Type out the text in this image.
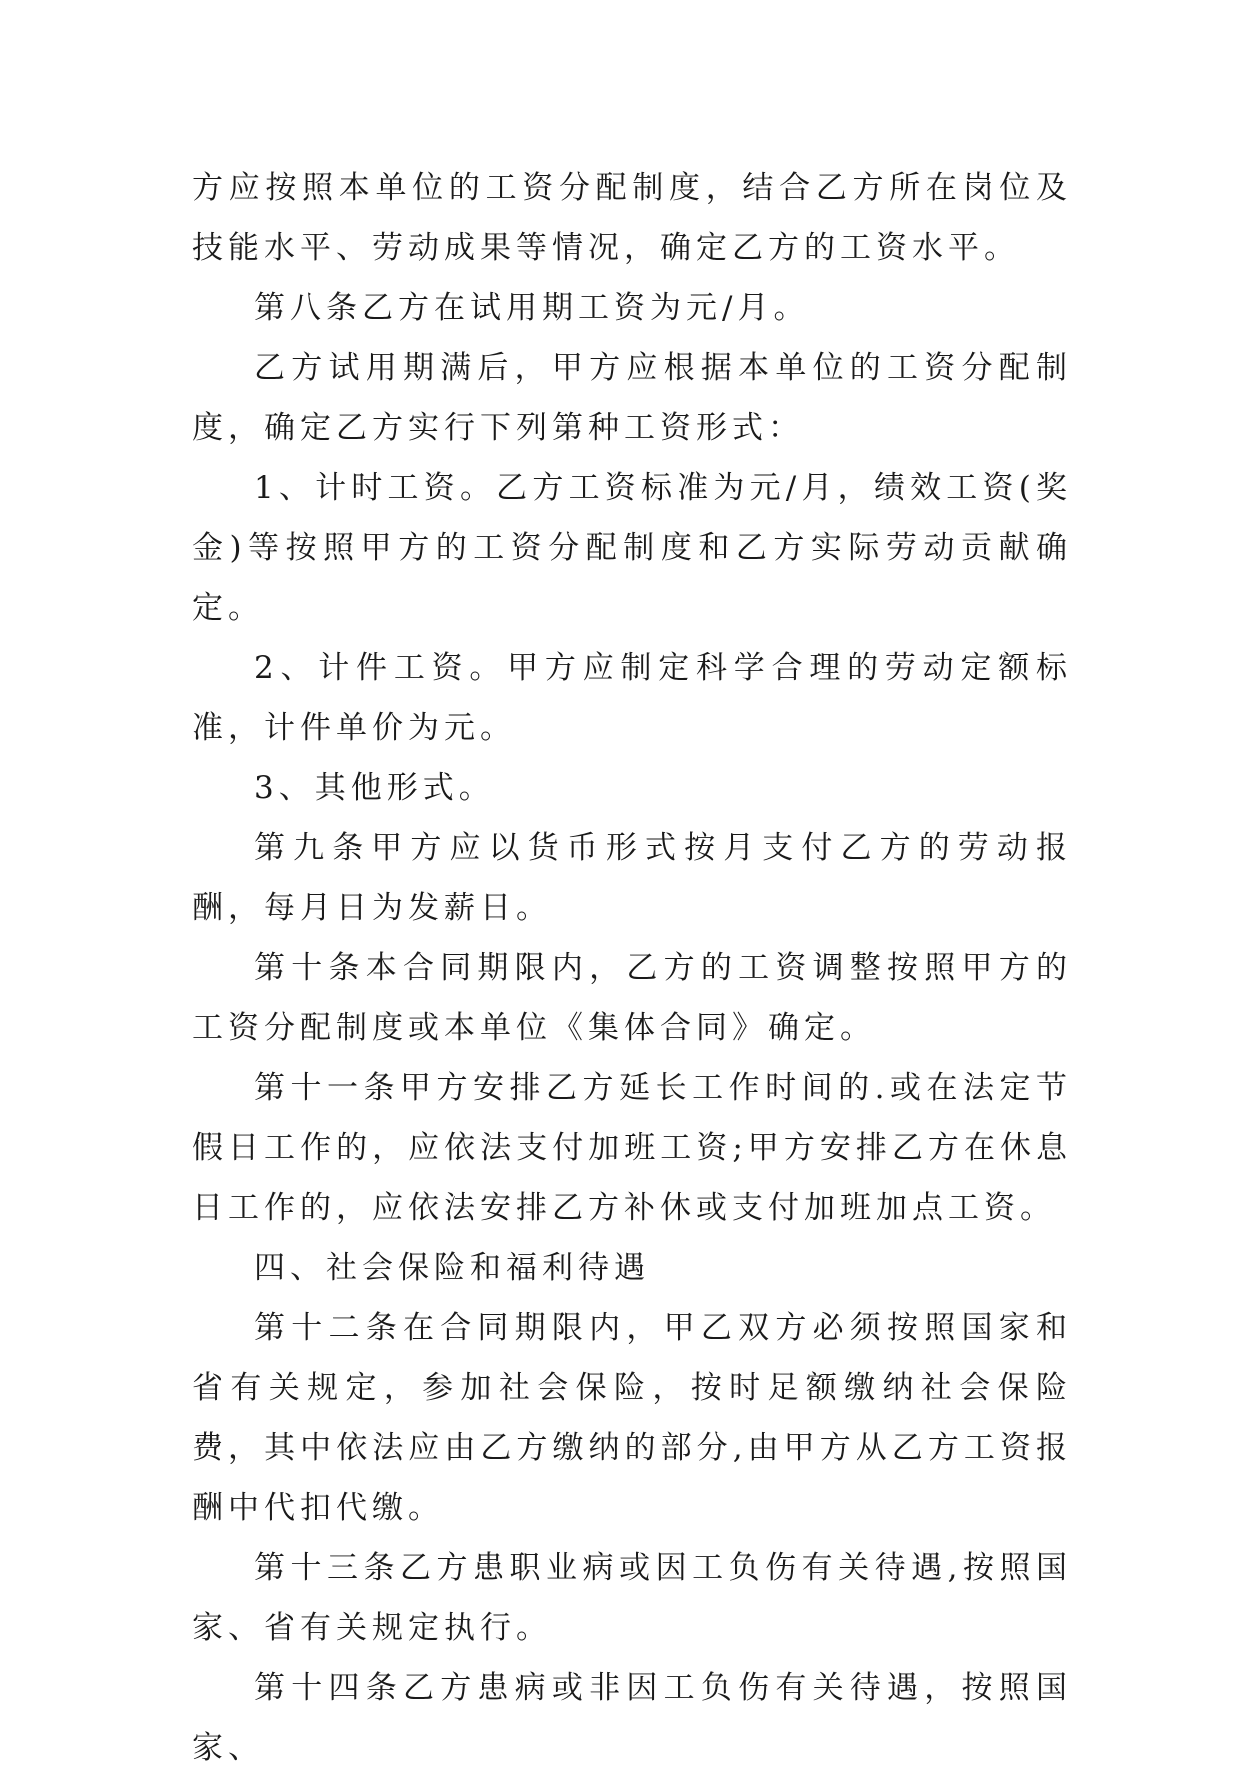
方应按照本单位的工资分配制度，结合乙方所在岗位及技能水平、劳动成果等情况，确定乙方的工资水平。

第八条乙方在试用期工资为元/月。

乙方试用期满后，甲方应根据本单位的工资分配制度，确定乙方实行下列第种工资形式：

1、计时工资。乙方工资标准为元/月，绩效工资(奖金)等按照甲方的工资分配制度和乙方实际劳动贡献确定。

2、计件工资。甲方应制定科学合理的劳动定额标准，计件单价为元。

3、其他形式。

第九条甲方应以货币形式按月支付乙方的劳动报酬，每月日为发薪日。

第十条本合同期限内，乙方的工资调整按照甲方的工资分配制度或本单位《集体合同》确定。

第十一条甲方安排乙方延长工作时间的.或在法定节假日工作的，应依法支付加班工资;甲方安排乙方在休息日工作的，应依法安排乙方补休或支付加班加点工资。

四、社会保险和福利待遇

第十二条在合同期限内，甲乙双方必须按照国家和省有关规定，参加社会保险，按时足额缴纳社会保险费，其中依法应由乙方缴纳的部分,由甲方从乙方工资报酬中代扣代缴。

第十三条乙方患职业病或因工负伤有关待遇,按照国家、省有关规定执行。

第十四条乙方患病或非因工负伤有关待遇，按照国家、
